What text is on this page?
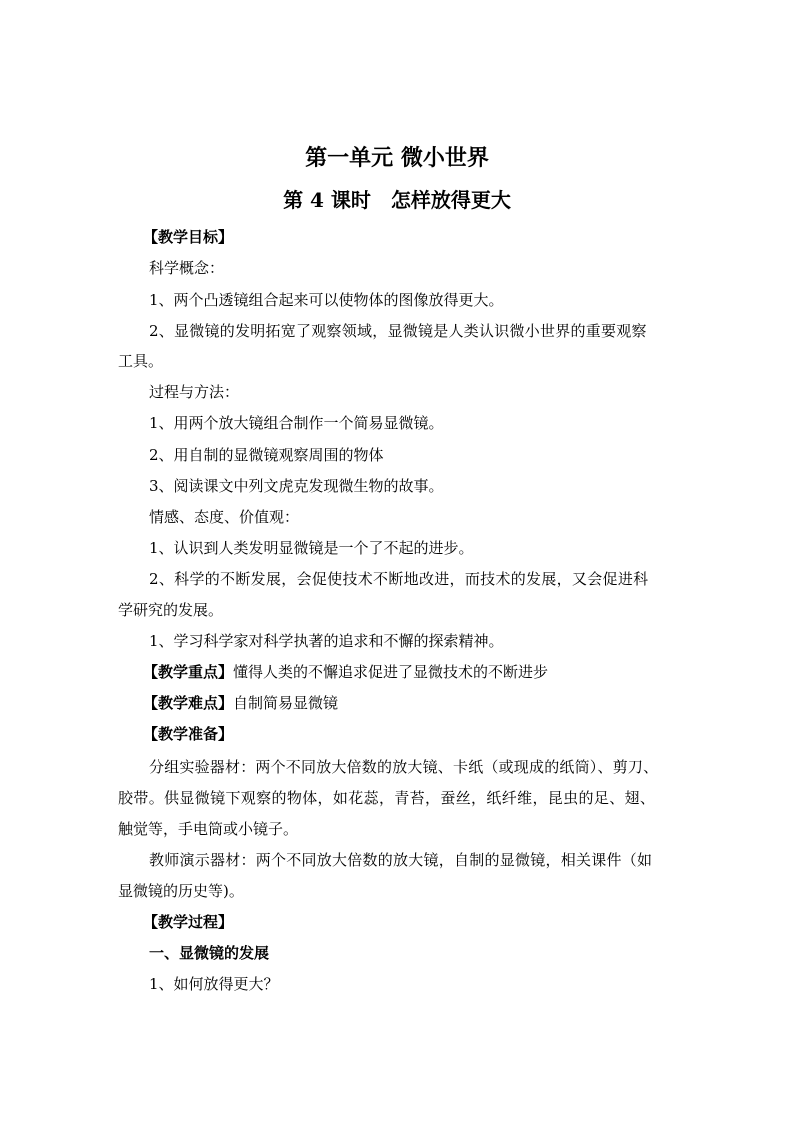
第一单元 微小世界
第 4 课时　怎样放得更大
【教学目标】
科学概念：
1、两个凸透镜组合起来可以使物体的图像放得更大。
2、显微镜的发明拓宽了观察领域，显微镜是人类认识微小世界的重要观察
工具。
过程与方法：
1、用两个放大镜组合制作一个简易显微镜。
2、用自制的显微镜观察周围的物体
3、阅读课文中列文虎克发现微生物的故事。
情感、态度、价值观：
1、认识到人类发明显微镜是一个了不起的进步。
2、科学的不断发展，会促使技术不断地改进，而技术的发展，又会促进科
学研究的发展。
1、学习科学家对科学执著的追求和不懈的探索精神。
【教学重点】懂得人类的不懈追求促进了显微技术的不断进步
【教学难点】自制简易显微镜
【教学准备】
分组实验器材：两个不同放大倍数的放大镜、卡纸（或现成的纸筒）、剪刀、
胶带。供显微镜下观察的物体，如花蕊，青苔，蚕丝，纸纤维，昆虫的足、翅、
触觉等，手电筒或小镜子。
教师演示器材：两个不同放大倍数的放大镜，自制的显微镜，相关课件（如
显微镜的历史等)。
【教学过程】
一、显微镜的发展
1、如何放得更大？
